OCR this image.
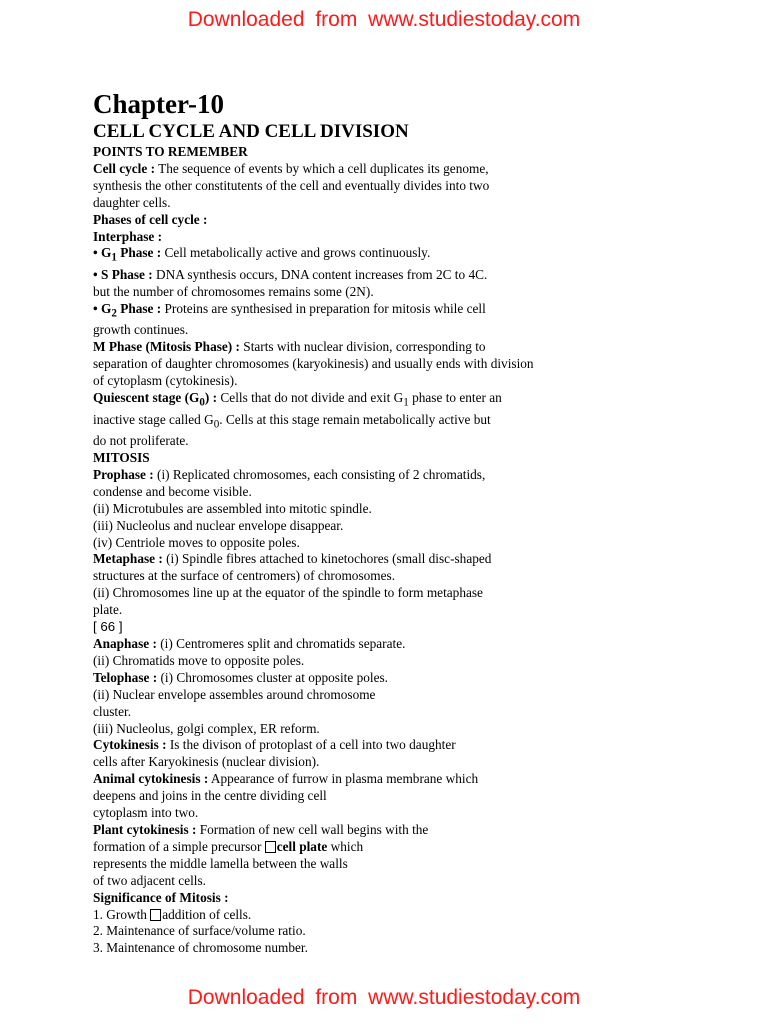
Downloaded from www.studiestoday.com
Chapter-10
CELL CYCLE AND CELL DIVISION
POINTS TO REMEMBER
Cell cycle : The sequence of events by which a cell duplicates its genome,
synthesis the other constitutents of the cell and eventually divides into two
daughter cells.
Phases of cell cycle :
Interphase :
• $G_1$ Phase : Cell metabolically active and grows continuously.
• S Phase : DNA synthesis occurs, DNA content increases from 2C to 4C.
but the number of chromosomes remains some (2N).
• $G_2$ Phase : Proteins are synthesised in preparation for mitosis while cell
growth continues.
M Phase (Mitosis Phase) : Starts with nuclear division, corresponding to
separation of daughter chromosomes (karyokinesis) and usually ends with division
of cytoplasm (cytokinesis).
Quiescent stage $(G_0)$ : Cells that do not divide and exit $G_1$ phase to enter an
inactive stage called $G_0$. Cells at this stage remain metabolically active but
do not proliferate.
MITOSIS
Prophase : (i) Replicated chromosomes, each consisting of 2 chromatids,
condense and become visible.
(ii) Microtubules are assembled into mitotic spindle.
(iii) Nucleolus and nuclear envelope disappear.
(iv) Centriole moves to opposite poles.
Metaphase : (i) Spindle fibres attached to kinetochores (small disc-shaped
structures at the surface of centromers) of chromosomes.
(ii) Chromosomes line up at the equator of the spindle to form metaphase
plate.
[ 66 ]
Anaphase : (i) Centromeres split and chromatids separate.
(ii) Chromatids move to opposite poles.
Telophase : (i) Chromosomes cluster at opposite poles.
(ii) Nuclear envelope assembles around chromosome
cluster.
(iii) Nucleolus, golgi complex, ER reform.
Cytokinesis : Is the divison of protoplast of a cell into two daughter
cells after Karyokinesis (nuclear division).
Animal cytokinesis : Appearance of furrow in plasma membrane which
deepens and joins in the centre dividing cell
cytoplasm into two.
Plant cytokinesis : Formation of new cell wall begins with the
formation of a simple precursor cell plate which
represents the middle lamella between the walls
of two adjacent cells.
Significance of Mitosis :
1. Growth addition of cells.
2. Maintenance of surface/volume ratio.
3. Maintenance of chromosome number.
Downloaded from www.studiestoday.com
